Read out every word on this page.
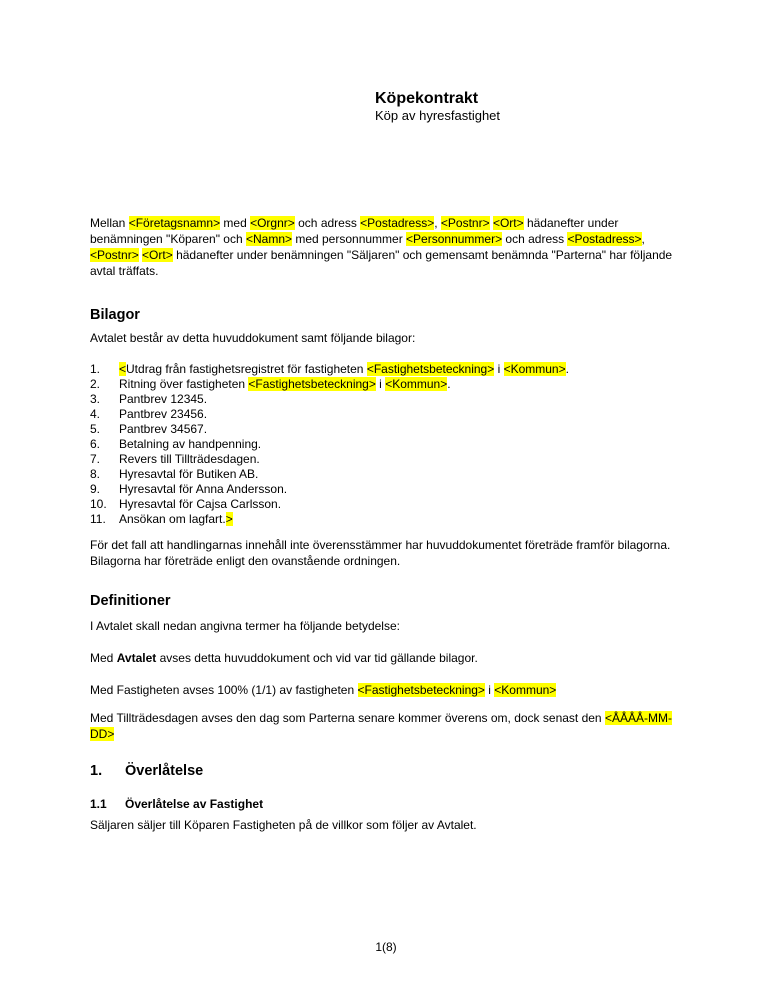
Köpekontrakt
Köp av hyresfastighet

Mellan <Företagsnamn> med <Orgnr> och adress <Postadress>, <Postnr> <Ort> hädanefter under benämningen "Köparen" och <Namn> med personnummer <Personnummer> och adress <Postadress>, <Postnr> <Ort> hädanefter under benämningen "Säljaren" och gemensamt benämnda "Parterna" har följande avtal träffats.

Bilagor

Avtalet består av detta huvuddokument samt följande bilagor:

1. <Utdrag från fastighetsregistret för fastigheten <Fastighetsbeteckning> i <Kommun>.
2. Ritning över fastigheten <Fastighetsbeteckning> i <Kommun>.
3. Pantbrev 12345.
4. Pantbrev 23456.
5. Pantbrev 34567.
6. Betalning av handpenning.
7. Revers till Tillträdesdagen.
8. Hyresavtal för Butiken AB.
9. Hyresavtal för Anna Andersson.
10. Hyresavtal för Cajsa Carlsson.
11. Ansökan om lagfart.>

För det fall att handlingarnas innehåll inte överensstämmer har huvuddokumentet företräde framför bilagorna. Bilagorna har företräde enligt den ovanstående ordningen.

Definitioner

I Avtalet skall nedan angivna termer ha följande betydelse:

Med Avtalet avses detta huvuddokument och vid var tid gällande bilagor.

Med Fastigheten avses 100% (1/1) av fastigheten <Fastighetsbeteckning> i <Kommun>

Med Tillträdesdagen avses den dag som Parterna senare kommer överens om, dock senast den <ÅÅÅÅ-MM-DD>

1. Överlåtelse
1.1 Överlåtelse av Fastighet

Säljaren säljer till Köparen Fastigheten på de villkor som följer av Avtalet.

1(8)
